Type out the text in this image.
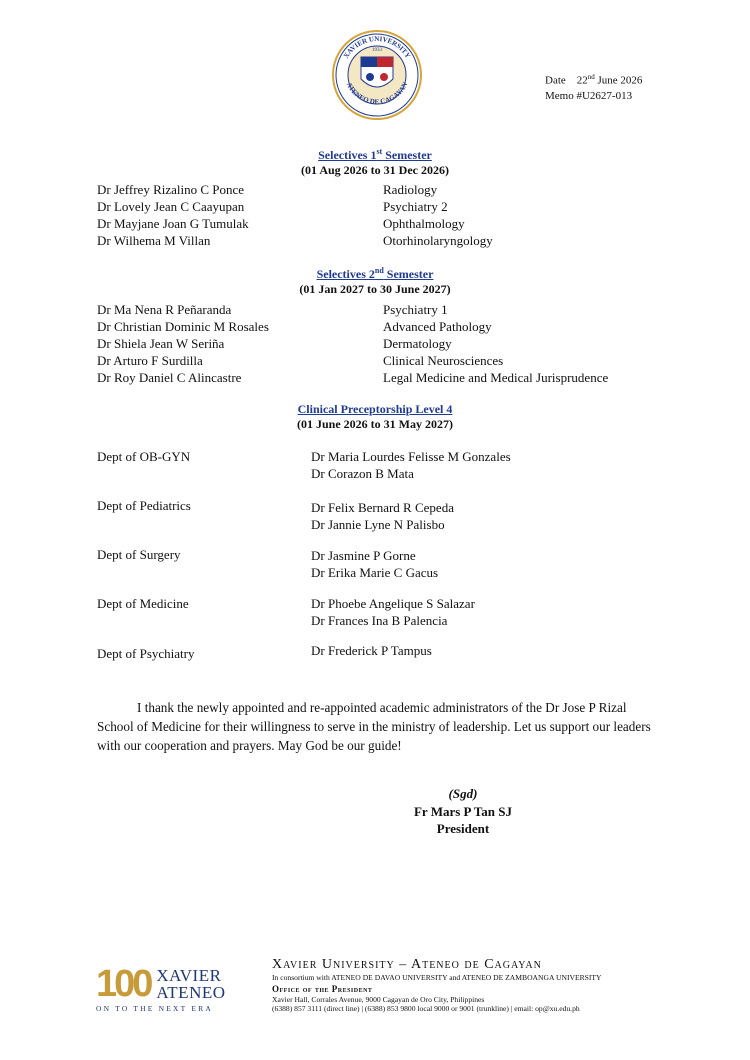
XAVIER UNIVERSITY
ATENEO DE CAGAYAN
1933
Date 22nd June 2026
Memo #U2627-013
Selectives 1st Semester
(01 Aug 2026 to 31 Dec 2026)
Dr Jeffrey Rizalino C Ponce	Radiology
Dr Lovely Jean C Caayupan	Psychiatry 2
Dr Mayjane Joan G Tumulak	Ophthalmology
Dr Wilhema M Villan	Otorhinolaryngology
Selectives 2nd Semester
(01 Jan 2027 to 30 June 2027)
Dr Ma Nena R Peñaranda	Psychiatry 1
Dr Christian Dominic M Rosales	Advanced Pathology
Dr Shiela Jean W Seriña	Dermatology
Dr Arturo F Surdilla	Clinical Neurosciences
Dr Roy Daniel C Alincastre	Legal Medicine and Medical Jurisprudence
Clinical Preceptorship Level 4
(01 June 2026 to 31 May 2027)
Dept of OB-GYN	Dr Maria Lourdes Felisse M Gonzales
Dr Corazon B Mata
Dept of Pediatrics	Dr Felix Bernard R Cepeda
Dr Jannie Lyne N Palisbo
Dept of Surgery	Dr Jasmine P Gorne
Dr Erika Marie C Gacus
Dept of Medicine	Dr Phoebe Angelique S Salazar
Dr Frances Ina B Palencia
Dept of Psychiatry	Dr Frederick P Tampus
I thank the newly appointed and re-appointed academic administrators of the Dr Jose P Rizal School of Medicine for their willingness to serve in the ministry of leadership. Let us support our leaders with our cooperation and prayers. May God be our guide!
(Sgd)
Fr Mars P Tan SJ
President
100 XAVIER
ATENEO
ON TO THE NEXT ERA
Xavier University – Ateneo de Cagayan
In consortium with ATENEO DE DAVAO UNIVERSITY and ATENEO DE ZAMBOANGA UNIVERSITY
Office of the President
Xavier Hall, Corrales Avenue, 9000 Cagayan de Oro City, Philippines
(6388) 857 3111 (direct line) | (6388) 853 9800 local 9000 or 9001 (trunkline) | email: op@xu.edu.ph
